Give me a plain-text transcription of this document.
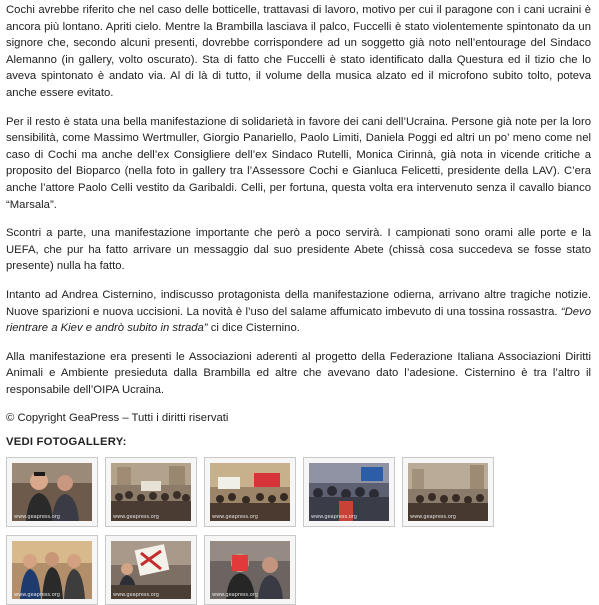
Cochi avrebbe riferito che nel caso delle botticelle, trattavasi di lavoro, motivo per cui il paragone con i cani ucraini è ancora più lontano. Apriti cielo. Mentre la Brambilla lasciava il palco, Fuccelli è stato violentemente spintonato da un signore che, secondo alcuni presenti, dovrebbe corrispondere ad un soggetto già noto nell’entourage del Sindaco Alemanno (in gallery, volto oscurato). Sta di fatto che Fuccelli è stato identificato dalla Questura ed il tizio che lo aveva spintonato è andato via. Al di là di tutto, il volume della musica alzato ed il microfono subito tolto, poteva anche essere evitato.

Per il resto è stata una bella manifestazione di solidarietà in favore dei cani dell’Ucraina. Persone già note per la loro sensibilità, come Massimo Wertmuller, Giorgio Panariello, Paolo Limiti, Daniela Poggi ed altri un po’ meno come nel caso di Cochi ma anche dell’ex Consigliere dell’ex Sindaco Rutelli, Monica Cirinnà, già nota in vicende critiche a proposito del Bioparco (nella foto in gallery tra l’Assessore Cochi e Gianluca Felicetti, presidente della LAV). C’era anche l’attore Paolo Celli vestito da Garibaldi. Celli, per fortuna, questa volta era intervenuto senza il cavallo bianco “Marsala”.

Scontri a parte, una manifestazione importante che però a poco servirà. I campionati sono orami alle porte e la UEFA, che pur ha fatto arrivare un messaggio dal suo presidente Abete (chissà cosa succedeva se fosse stato presente) nulla ha fatto.

Intanto ad Andrea Cisternino, indiscusso protagonista della manifestazione odierna, arrivano altre tragiche notizie. Nuove sparizioni e nuova uccisioni. La novità è l’uso del salame affumicato imbevuto di una tossina rossastra. “Devo rientrare a Kiev e andrò subito in strada” ci dice Cisternino.

Alla manifestazione era presenti le Associazioni aderenti al progetto della Federazione Italiana Associazioni Diritti Animali e Ambiente presieduta dalla Brambilla ed altre che avevano dato l’adesione. Cisternino è tra l’altro il responsabile dell’OIPA Ucraina.

© Copyright GeaPress – Tutti i diritti riservati

VEDI FOTOGALLERY:
www.geapress.org	www.geapress.org	www.geapress.org	www.geapress.org	www.geapress.org
www.geapress.org	www.geapress.org	www.geapress.org
